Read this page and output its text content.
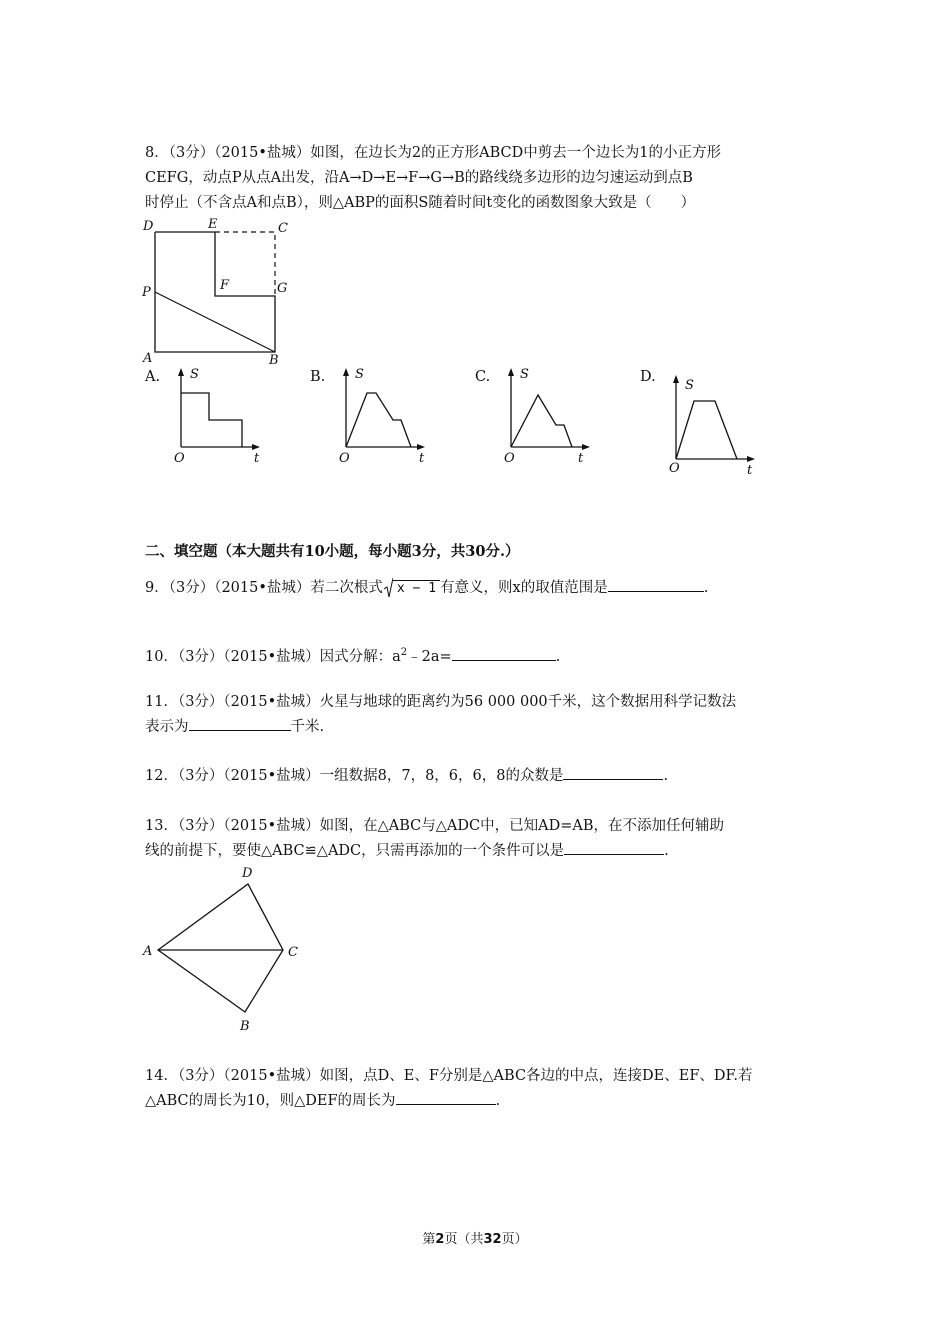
8．（3分）（2015•盐城）如图，在边长为2的正方形ABCD中剪去一个边长为1的小正方形
CEFG，动点P从点A出发，沿A→D→E→F→G→B的路线绕多边形的边匀速运动到点B
时停止（不含点A和点B），则△ABP的面积S随着时间t变化的函数图象大致是（　　）
D	E	C
P	F	G
A	B
A. S
O	t
B. S
O	t
C. S
O	t
D.
S
O	t
二、填空题（本大题共有10小题，每小题3分，共30分.）
9．（3分）（2015•盐城）若二次根式 x − 1 有意义，则x的取值范围是	.
10．（3分）（2015•盐城）因式分解：$a^2﹣2a=$	.
11．（3分）（2015•盐城）火星与地球的距离约为56 000 000千米，这个数据用科学记数法
表示为	千米.
12．（3分）（2015•盐城）一组数据8，7，8，6，6，8的众数是	.
13．（3分）（2015•盐城）如图，在△ABC与△ADC中，已知AD=AB，在不添加任何辅助
线的前提下，要使△ABC≌△ADC，只需再添加的一个条件可以是	.
D
A	C
B
14．（3分）（2015•盐城）如图，点D、E、F分别是△ABC各边的中点，连接DE、EF、DF.若
△ABC的周长为10，则△DEF的周长为	.
第2页（共32页）
